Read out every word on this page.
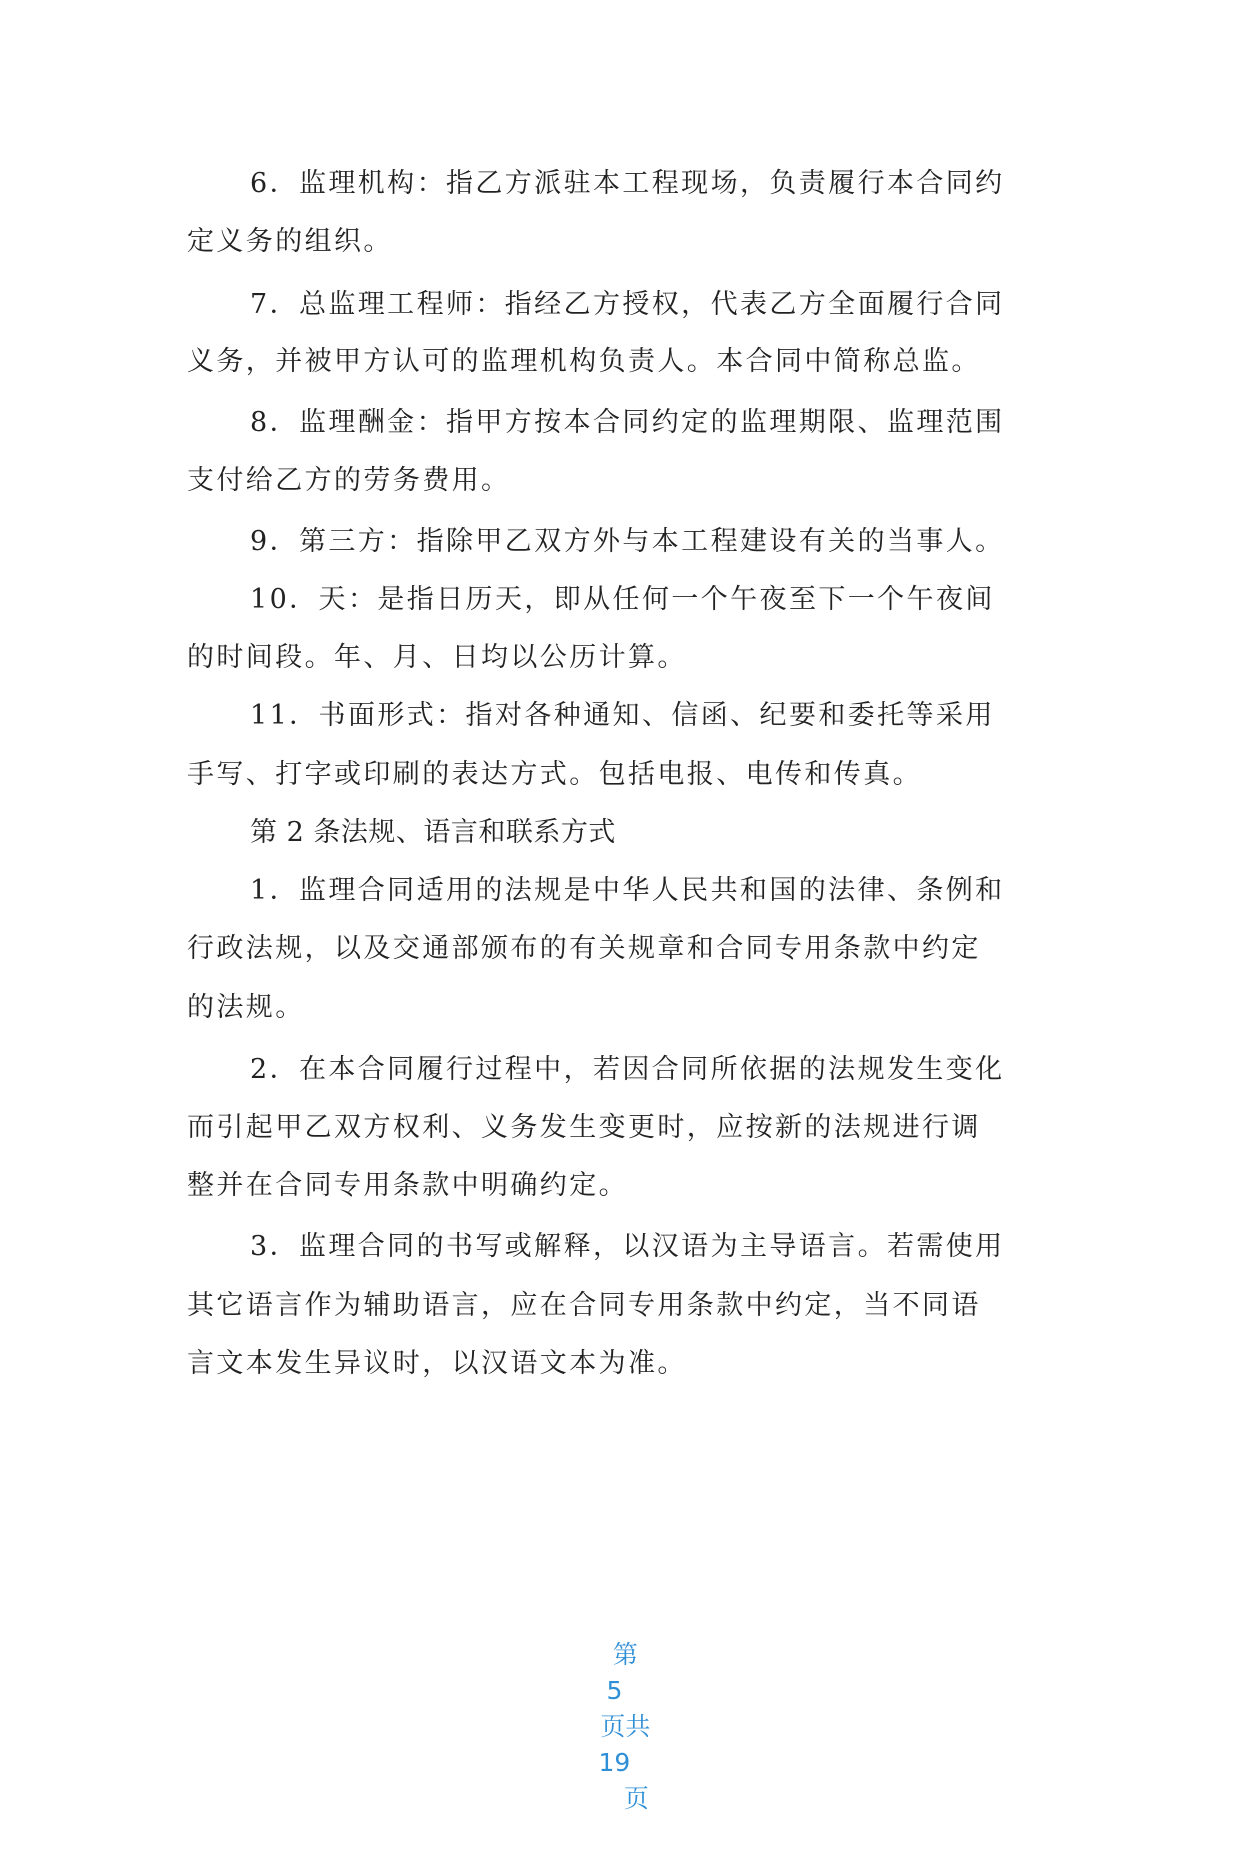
6．监理机构：指乙方派驻本工程现场，负责履行本合同约
定义务的组织。
7．总监理工程师：指经乙方授权，代表乙方全面履行合同
义务，并被甲方认可的监理机构负责人。本合同中简称总监。
8．监理酬金：指甲方按本合同约定的监理期限、监理范围
支付给乙方的劳务费用。
9．第三方：指除甲乙双方外与本工程建设有关的当事人。
10．天：是指日历天，即从任何一个午夜至下一个午夜间
的时间段。年、月、日均以公历计算。
11．书面形式：指对各种通知、信函、纪要和委托等采用
手写、打字或印刷的表达方式。包括电报、电传和传真。
第 2 条法规、语言和联系方式
1．监理合同适用的法规是中华人民共和国的法律、条例和
行政法规，以及交通部颁布的有关规章和合同专用条款中约定
的法规。
2．在本合同履行过程中，若因合同所依据的法规发生变化
而引起甲乙双方权利、义务发生变更时，应按新的法规进行调
整并在合同专用条款中明确约定。
3．监理合同的书写或解释，以汉语为主导语言。若需使用
其它语言作为辅助语言，应在合同专用条款中约定，当不同语
言文本发生异议时，以汉语文本为准。

第
5
页共
19
页
